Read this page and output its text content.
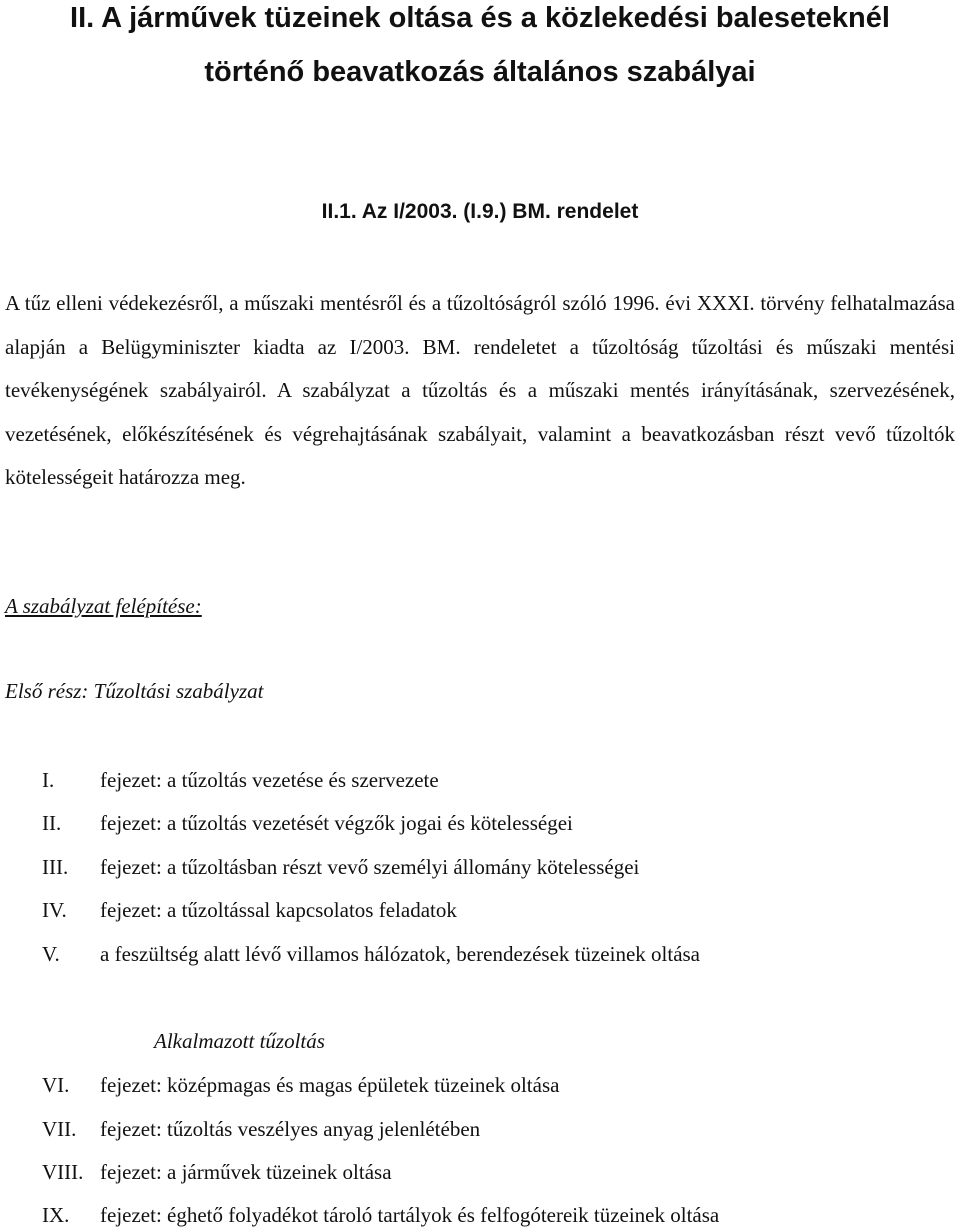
II. A járművek tüzeinek oltása és a közlekedési baleseteknél
történő beavatkozás általános szabályai
II.1. Az I/2003. (I.9.) BM. rendelet

A tűz elleni védekezésről, a műszaki mentésről és a tűzoltóságról szóló 1996. évi XXXI. törvény felhatalmazása alapján a Belügyminiszter kiadta az I/2003. BM. rendeletet a tűzoltóság tűzoltási és műszaki mentési tevékenységének szabályairól. A szabályzat a tűzoltás és a műszaki mentés irányításának, szervezésének, vezetésének, előkészítésének és végrehajtásának szabályait, valamint a beavatkozásban részt vevő tűzoltók kötelességeit határozza meg.

A szabályzat felépítése:

Első rész: Tűzoltási szabályzat

I. fejezet: a tűzoltás vezetése és szervezete
II. fejezet: a tűzoltás vezetését végzők jogai és kötelességei
III. fejezet: a tűzoltásban részt vevő személyi állomány kötelességei
IV. fejezet: a tűzoltással kapcsolatos feladatok
V. a feszültség alatt lévő villamos hálózatok, berendezések tüzeinek oltása

Alkalmazott tűzoltás

VI. fejezet: középmagas és magas épületek tüzeinek oltása
VII. fejezet: tűzoltás veszélyes anyag jelenlétében
VIII. fejezet: a járművek tüzeinek oltása
IX. fejezet: éghető folyadékot tároló tartályok és felfogótereik tüzeinek oltása
